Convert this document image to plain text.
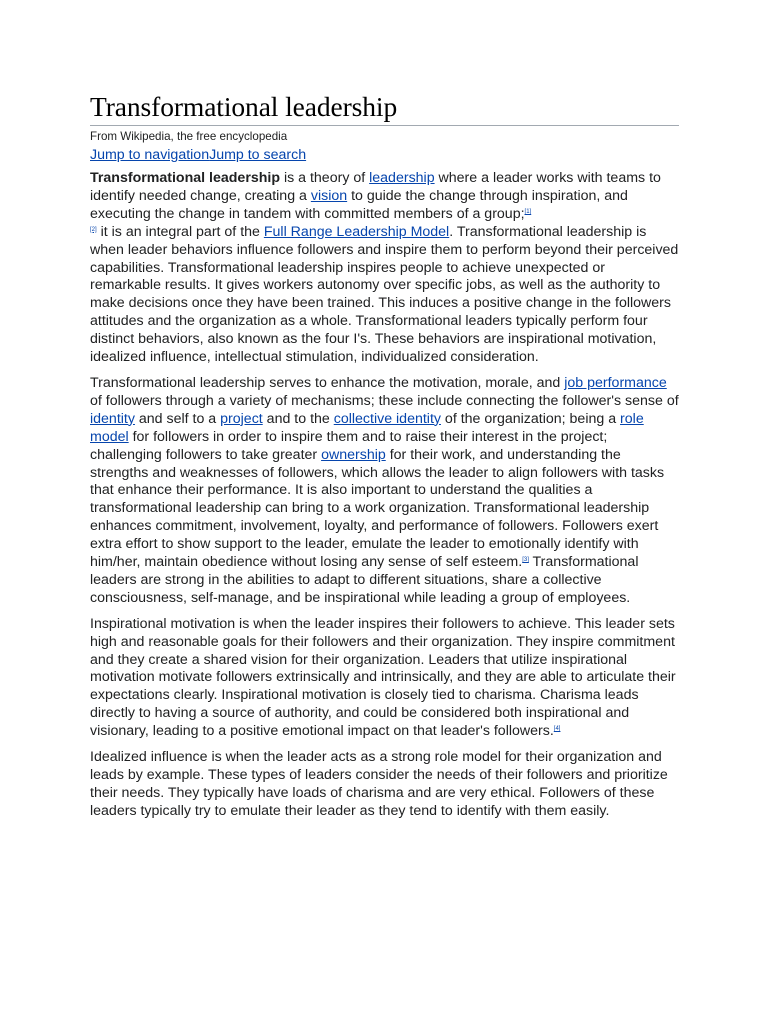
Transformational leadership
From Wikipedia, the free encyclopedia
Jump to navigationJump to search

Transformational leadership is a theory of leadership where a leader works with teams to identify needed change, creating a vision to guide the change through inspiration, and executing the change in tandem with committed members of a group;[1]
[2] it is an integral part of the Full Range Leadership Model. Transformational leadership is when leader behaviors influence followers and inspire them to perform beyond their perceived capabilities. Transformational leadership inspires people to achieve unexpected or remarkable results. It gives workers autonomy over specific jobs, as well as the authority to make decisions once they have been trained. This induces a positive change in the followers attitudes and the organization as a whole. Transformational leaders typically perform four distinct behaviors, also known as the four I's. These behaviors are inspirational motivation, idealized influence, intellectual stimulation, individualized consideration.

Transformational leadership serves to enhance the motivation, morale, and job performance of followers through a variety of mechanisms; these include connecting the follower's sense of identity and self to a project and to the collective identity of the organization; being a role model for followers in order to inspire them and to raise their interest in the project; challenging followers to take greater ownership for their work, and understanding the strengths and weaknesses of followers, which allows the leader to align followers with tasks that enhance their performance. It is also important to understand the qualities a transformational leadership can bring to a work organization. Transformational leadership enhances commitment, involvement, loyalty, and performance of followers. Followers exert extra effort to show support to the leader, emulate the leader to emotionally identify with him/her, maintain obedience without losing any sense of self esteem.[3] Transformational leaders are strong in the abilities to adapt to different situations, share a collective consciousness, self-manage, and be inspirational while leading a group of employees.

Inspirational motivation is when the leader inspires their followers to achieve. This leader sets high and reasonable goals for their followers and their organization. They inspire commitment and they create a shared vision for their organization. Leaders that utilize inspirational motivation motivate followers extrinsically and intrinsically, and they are able to articulate their expectations clearly. Inspirational motivation is closely tied to charisma. Charisma leads directly to having a source of authority, and could be considered both inspirational and visionary, leading to a positive emotional impact on that leader's followers.[4]

Idealized influence is when the leader acts as a strong role model for their organization and leads by example. These types of leaders consider the needs of their followers and prioritize their needs. They typically have loads of charisma and are very ethical. Followers of these leaders typically try to emulate their leader as they tend to identify with them easily.
